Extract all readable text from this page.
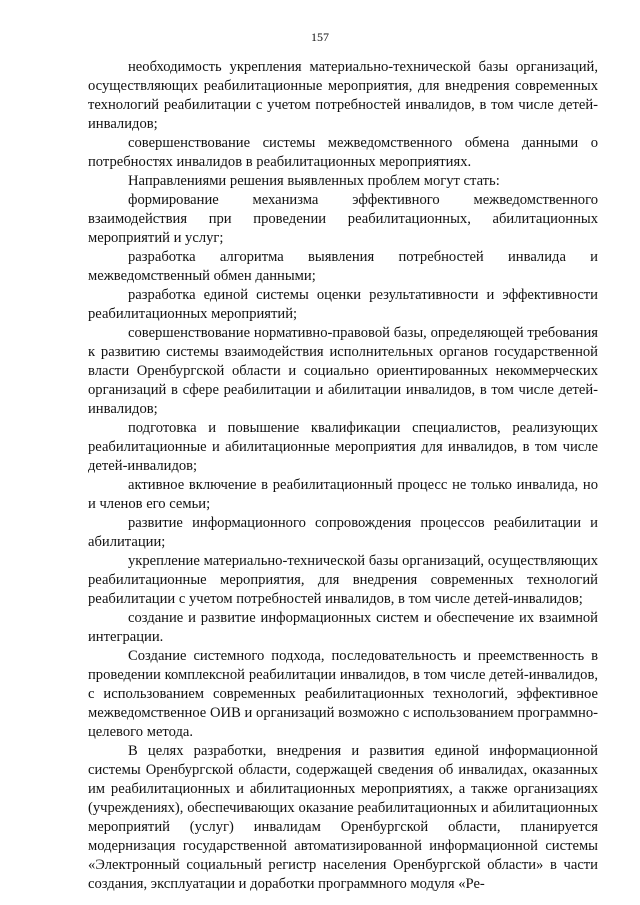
157

необходимость укрепления материально-технической базы организаций, осуществляющих реабилитационные мероприятия, для внедрения современных технологий реабилитации с учетом потребностей инвалидов, в том числе детей-инвалидов;

совершенствование системы межведомственного обмена данными о потребностях инвалидов в реабилитационных мероприятиях.

Направлениями решения выявленных проблем могут стать:

формирование механизма эффективного межведомственного взаимодействия при проведении реабилитационных, абилитационных мероприятий и услуг;

разработка алгоритма выявления потребностей инвалида и межведомственный обмен данными;

разработка единой системы оценки результативности и эффективности реабилитационных мероприятий;

совершенствование нормативно-правовой базы, определяющей требования к развитию системы взаимодействия исполнительных органов государственной власти Оренбургской области и социально ориентированных некоммерческих организаций в сфере реабилитации и абилитации инвалидов, в том числе детей-инвалидов;

подготовка и повышение квалификации специалистов, реализующих реабилитационные и абилитационные мероприятия для инвалидов, в том числе детей-инвалидов;

активное включение в реабилитационный процесс не только инвалида, но и членов его семьи;

развитие информационного сопровождения процессов реабилитации и абилитации;

укрепление материально-технической базы организаций, осуществляющих реабилитационные мероприятия, для внедрения современных технологий реабилитации с учетом потребностей инвалидов, в том числе детей-инвалидов;

создание и развитие информационных систем и обеспечение их взаимной интеграции.

Создание системного подхода, последовательность и преемственность в проведении комплексной реабилитации инвалидов, в том числе детей-инвалидов, с использованием современных реабилитационных технологий, эффективное межведомственное ОИВ и организаций возможно с использованием программно-целевого метода.

В целях разработки, внедрения и развития единой информационной системы Оренбургской области, содержащей сведения об инвалидах, оказанных им реабилитационных и абилитационных мероприятиях, а также организациях (учреждениях), обеспечивающих оказание реабилитационных и абилитационных мероприятий (услуг) инвалидам Оренбургской области, планируется модернизация государственной автоматизированной информационной системы «Электронный социальный регистр населения Оренбургской области» в части создания, эксплуатации и доработки программного модуля «Ре-
